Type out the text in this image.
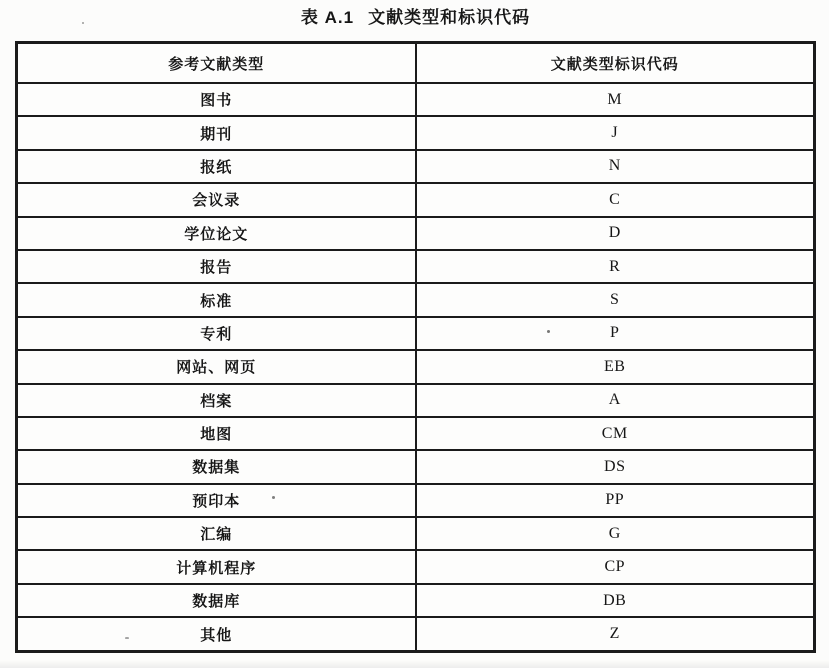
表 A.1 文献类型和标识代码
参考文献类型	文献类型标识代码
图书	M
期刊	J
报纸	N
会议录	C
学位论文	D
报告	R
标准	S
专利	P
网站、网页	EB
档案	A
地图	CM
数据集	DS
预印本	PP
汇编	G
计算机程序	CP
数据库	DB
其他	Z
